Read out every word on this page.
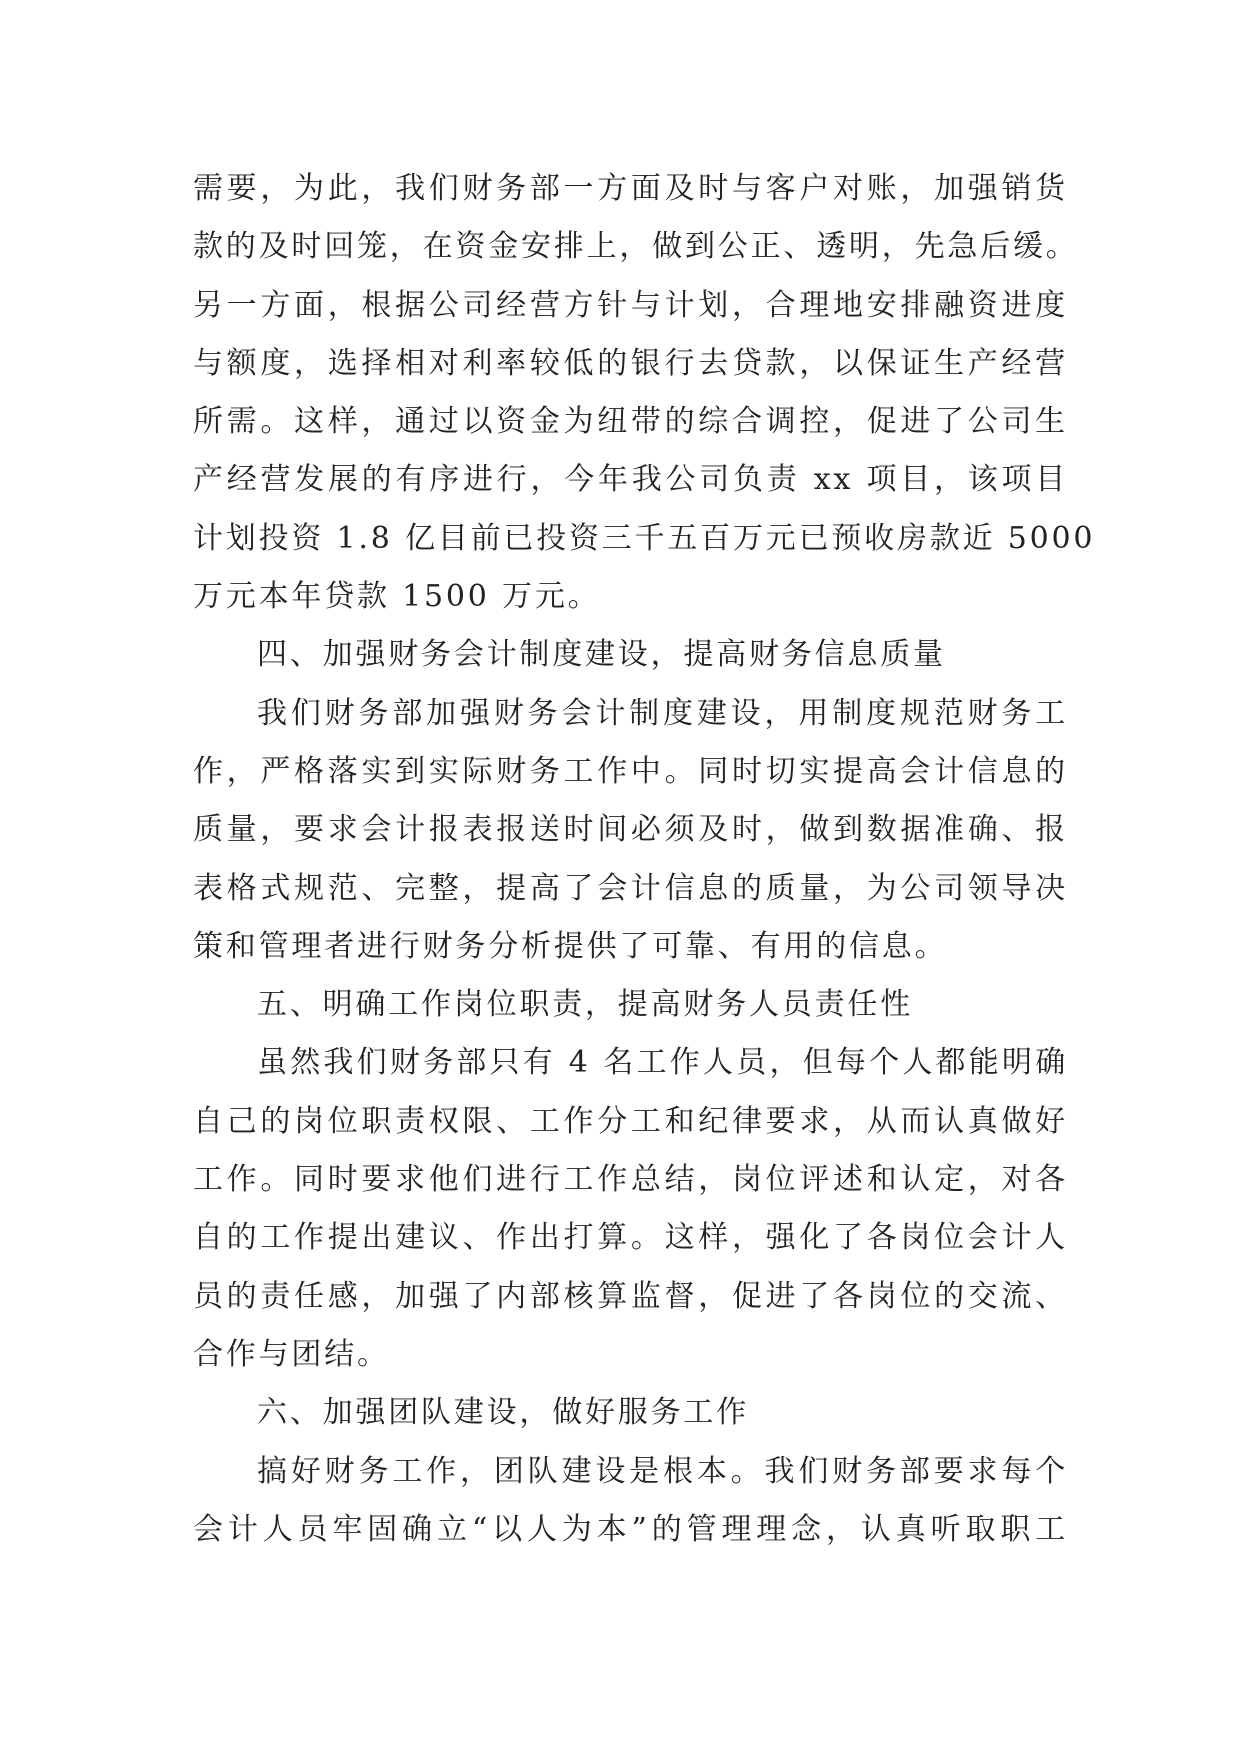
需要，为此，我们财务部一方面及时与客户对账，加强销货
款的及时回笼，在资金安排上，做到公正、透明，先急后缓。
另一方面，根据公司经营方针与计划，合理地安排融资进度
与额度，选择相对利率较低的银行去贷款，以保证生产经营
所需。这样，通过以资金为纽带的综合调控，促进了公司生
产经营发展的有序进行，今年我公司负责 xx 项目，该项目
计划投资 1.8 亿目前已投资三千五百万元已预收房款近 5000
万元本年贷款 1500 万元。
四、加强财务会计制度建设，提高财务信息质量
我们财务部加强财务会计制度建设，用制度规范财务工
作，严格落实到实际财务工作中。同时切实提高会计信息的
质量，要求会计报表报送时间必须及时，做到数据准确、报
表格式规范、完整，提高了会计信息的质量，为公司领导决
策和管理者进行财务分析提供了可靠、有用的信息。
五、明确工作岗位职责，提高财务人员责任性
虽然我们财务部只有 4 名工作人员，但每个人都能明确
自己的岗位职责权限、工作分工和纪律要求，从而认真做好
工作。同时要求他们进行工作总结，岗位评述和认定，对各
自的工作提出建议、作出打算。这样，强化了各岗位会计人
员的责任感，加强了内部核算监督，促进了各岗位的交流、
合作与团结。
六、加强团队建设，做好服务工作
搞好财务工作，团队建设是根本。我们财务部要求每个
会计人员牢固确立“以人为本”的管理理念，认真听取职工
